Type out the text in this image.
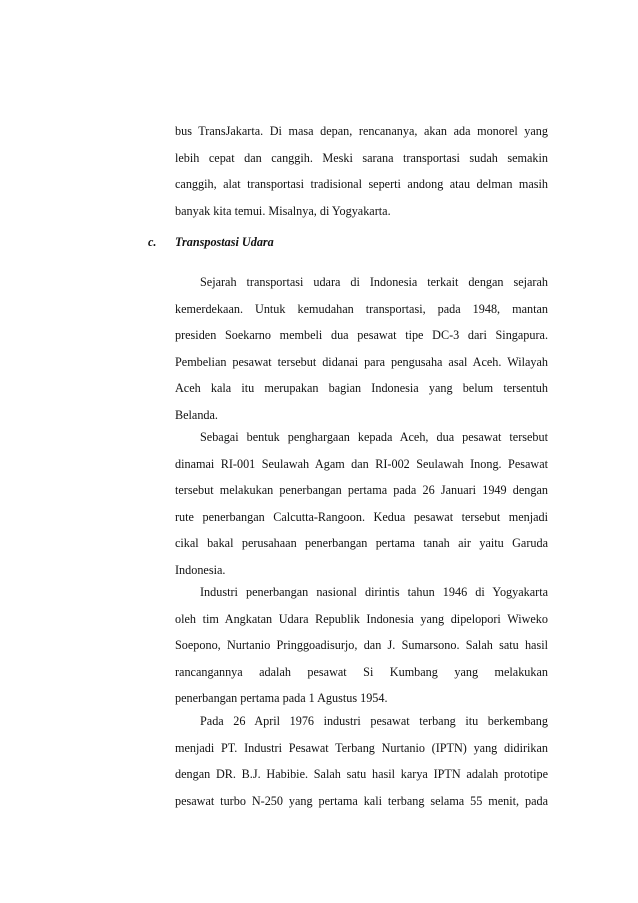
bus TransJakarta. Di masa depan, rencananya, akan ada monorel yang
lebih cepat dan canggih. Meski sarana transportasi sudah semakin
canggih, alat transportasi tradisional seperti andong atau delman masih
banyak kita temui. Misalnya, di Yogyakarta.
c. Transpostasi Udara
Sejarah transportasi udara di Indonesia terkait dengan sejarah
kemerdekaan. Untuk kemudahan transportasi, pada 1948, mantan
presiden Soekarno membeli dua pesawat tipe DC-3 dari Singapura.
Pembelian pesawat tersebut didanai para pengusaha asal Aceh. Wilayah
Aceh kala itu merupakan bagian Indonesia yang belum tersentuh
Belanda.
Sebagai bentuk penghargaan kepada Aceh, dua pesawat tersebut
dinamai RI-001 Seulawah Agam dan RI-002 Seulawah Inong. Pesawat
tersebut melakukan penerbangan pertama pada 26 Januari 1949 dengan
rute penerbangan Calcutta-Rangoon. Kedua pesawat tersebut menjadi
cikal bakal perusahaan penerbangan pertama tanah air yaitu Garuda
Indonesia.
Industri penerbangan nasional dirintis tahun 1946 di Yogyakarta
oleh tim Angkatan Udara Republik Indonesia yang dipelopori Wiweko
Soepono, Nurtanio Pringgoadisurjo, dan J. Sumarsono. Salah satu hasil
rancangannya adalah pesawat Si Kumbang yang melakukan
penerbangan pertama pada 1 Agustus 1954.
Pada 26 April 1976 industri pesawat terbang itu berkembang
menjadi PT. Industri Pesawat Terbang Nurtanio (IPTN) yang didirikan
dengan DR. B.J. Habibie. Salah satu hasil karya IPTN adalah prototipe
pesawat turbo N-250 yang pertama kali terbang selama 55 menit, pada
